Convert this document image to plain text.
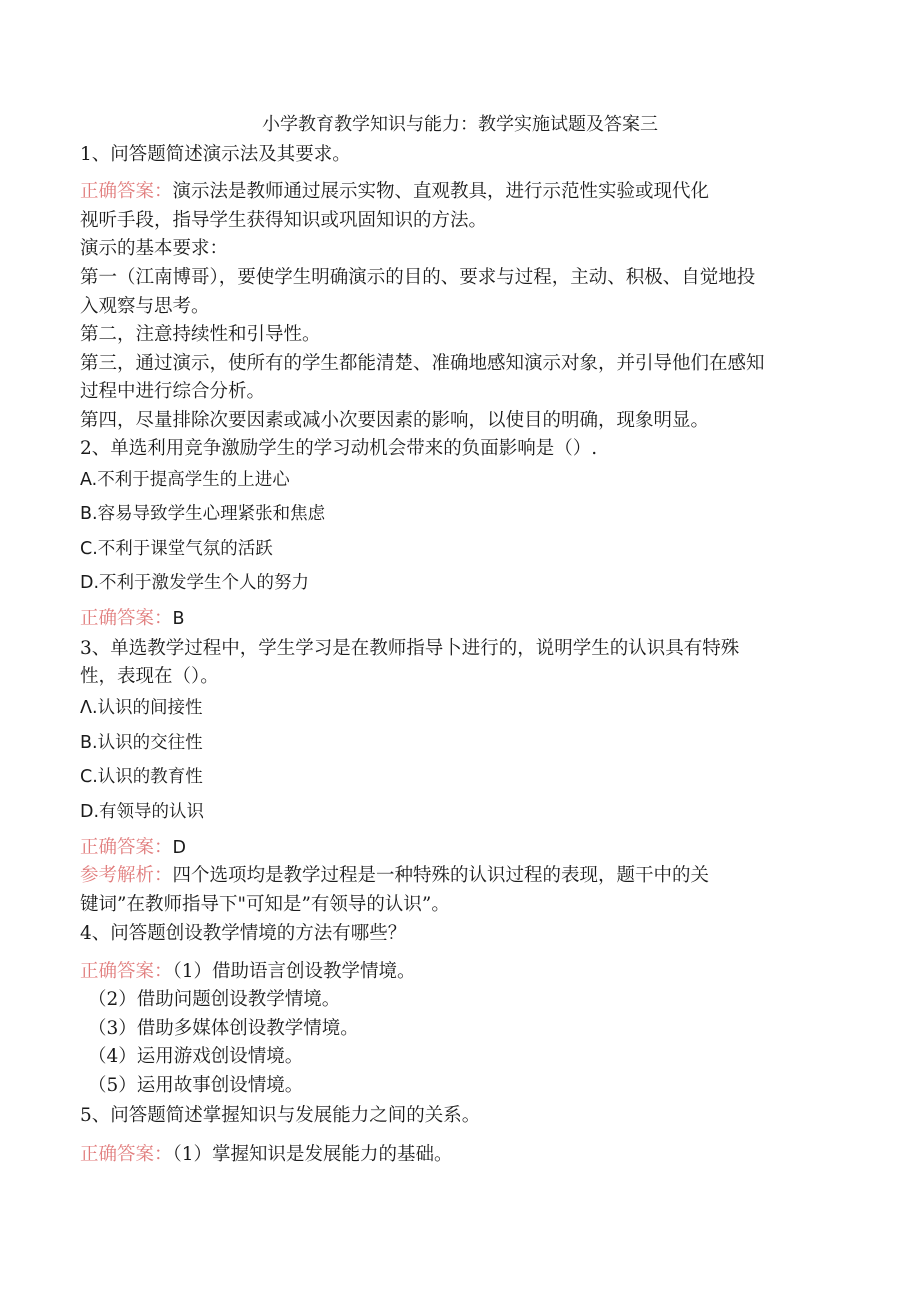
小学教育教学知识与能力：教学实施试题及答案三
1、问答题简述演示法及其要求。
正确答案：演示法是教师通过展示实物、直观教具，进行示范性实验或现代化
视听手段，指导学生获得知识或巩固知识的方法。
演示的基本要求：
第一（江南博哥），要使学生明确演示的目的、要求与过程，主动、积极、自觉地投
入观察与思考。
第二，注意持续性和引导性。
第三，通过演示，使所有的学生都能清楚、准确地感知演示对象，并引导他们在感知
过程中进行综合分析。
第四，尽量排除次要因素或减小次要因素的影响，以使目的明确，现象明显。
2、单选利用竞争激励学生的学习动机会带来的负面影响是（）.
A.不利于提高学生的上进心
B.容易导致学生心理紧张和焦虑
C.不利于课堂气氛的活跃
D.不利于激发学生个人的努力
正确答案：B
3、单选教学过程中，学生学习是在教师指导卜进行的，说明学生的认识具有特殊
性，表现在（）。
Λ.认识的间接性
B.认识的交往性
C.认识的教育性
D.有领导的认识
正确答案：D
参考解析：四个选项均是教学过程是一种特殊的认识过程的表现，题干中的关
键词”在教师指导下"可知是”有领导的认识”。
4、问答题创设教学情境的方法有哪些？
正确答案：（1）借助语言创设教学情境。
（2）借助问题创设教学情境。
（3）借助多媒体创设教学情境。
（4）运用游戏创设情境。
（5）运用故事创设情境。
5、问答题简述掌握知识与发展能力之间的关系。
正确答案：（1）掌握知识是发展能力的基础。
